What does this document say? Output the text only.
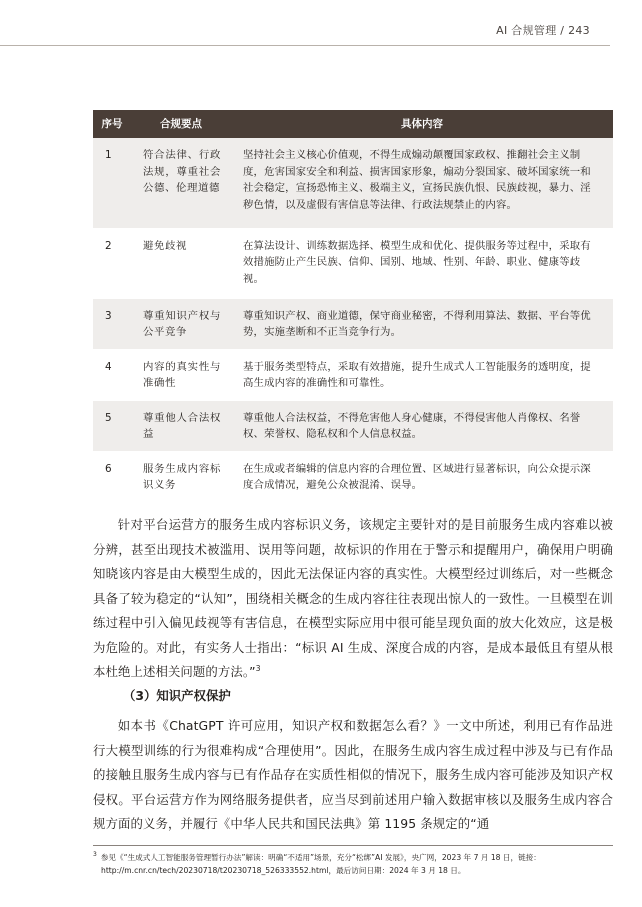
AI 合规管理 / 243
序号	合规要点	具体内容
1	符合法律、行政法规，尊重社会公德、伦理道德	坚持社会主义核心价值观，不得生成煽动颠覆国家政权、推翻社会主义制度，危害国家安全和利益、损害国家形象，煽动分裂国家、破坏国家统一和社会稳定，宣扬恐怖主义、极端主义，宣扬民族仇恨、民族歧视，暴力、淫秽色情，以及虚假有害信息等法律、行政法规禁止的内容。
2	避免歧视	在算法设计、训练数据选择、模型生成和优化、提供服务等过程中，采取有效措施防止产生民族、信仰、国别、地域、性别、年龄、职业、健康等歧视。
3	尊重知识产权与公平竞争	尊重知识产权、商业道德，保守商业秘密，不得利用算法、数据、平台等优势，实施垄断和不正当竞争行为。
4	内容的真实性与准确性	基于服务类型特点，采取有效措施，提升生成式人工智能服务的透明度，提高生成内容的准确性和可靠性。
5	尊重他人合法权益	尊重他人合法权益，不得危害他人身心健康，不得侵害他人肖像权、名誉权、荣誉权、隐私权和个人信息权益。
6	服务生成内容标识义务	在生成或者编辑的信息内容的合理位置、区域进行显著标识，向公众提示深度合成情况，避免公众被混淆、误导。

针对平台运营方的服务生成内容标识义务，该规定主要针对的是目前服务生成内容难以被分辨，甚至出现技术被滥用、误用等问题，故标识的作用在于警示和提醒用户，确保用户明确知晓该内容是由大模型生成的，因此无法保证内容的真实性。大模型经过训练后，对一些概念具备了较为稳定的“认知”，围绕相关概念的生成内容往往表现出惊人的一致性。一旦模型在训练过程中引入偏见歧视等有害信息，在模型实际应用中很可能呈现负面的放大化效应，这是极为危险的。对此，有实务人士指出：“标识 AI 生成、深度合成的内容，是成本最低且有望从根本杜绝上述相关问题的方法。”$^3$

（3）知识产权保护

如本书《ChatGPT 许可应用，知识产权和数据怎么看？》一文中所述，利用已有作品进行大模型训练的行为很难构成“合理使用”。因此，在服务生成内容生成过程中涉及与已有作品的接触且服务生成内容与已有作品存在实质性相似的情况下，服务生成内容可能涉及知识产权侵权。平台运营方作为网络服务提供者，应当尽到前述用户输入数据审核以及服务生成内容合规方面的义务，并履行《中华人民共和国民法典》第 1195 条规定的“通

$^3$ 参见《“生成式人工智能服务管理暂行办法”解读：明确“不适用”场景，充分“松绑”AI 发展》，央广网，2023 年 7 月 18 日，链接：
http://m.cnr.cn/tech/20230718/t20230718_526333552.html，最后访问日期：2024 年 3 月 18 日。
